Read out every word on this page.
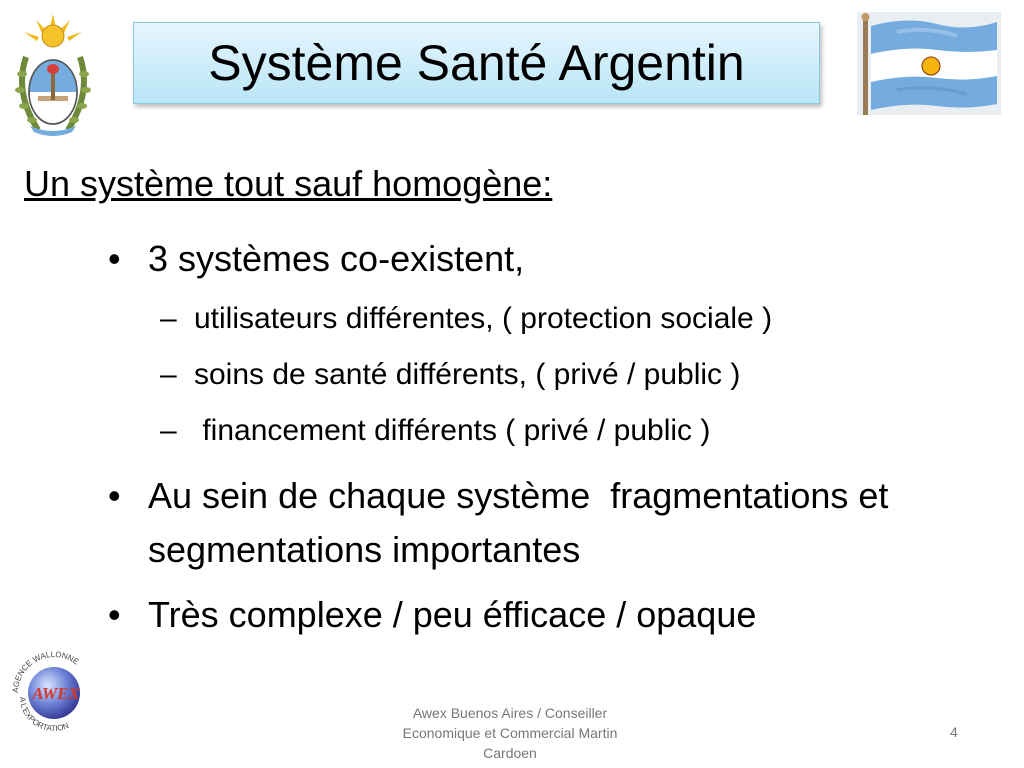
Système Santé Argentin
Un système tout sauf homogène:
• 3 systèmes co-existent,
– utilisateurs différentes, ( protection sociale )
– soins de santé différents, ( privé / public )
– financement différents ( privé / public )
• Au sein de chaque système  fragmentations et
segmentations importantes
• Très complexe / peu éfficace / opaque
AGENCE WALLONNE
A L'EXPORTATION
AWEX
Awex Buenos Aires / Conseiller
Economique et Commercial Martin
Cardoen
4
